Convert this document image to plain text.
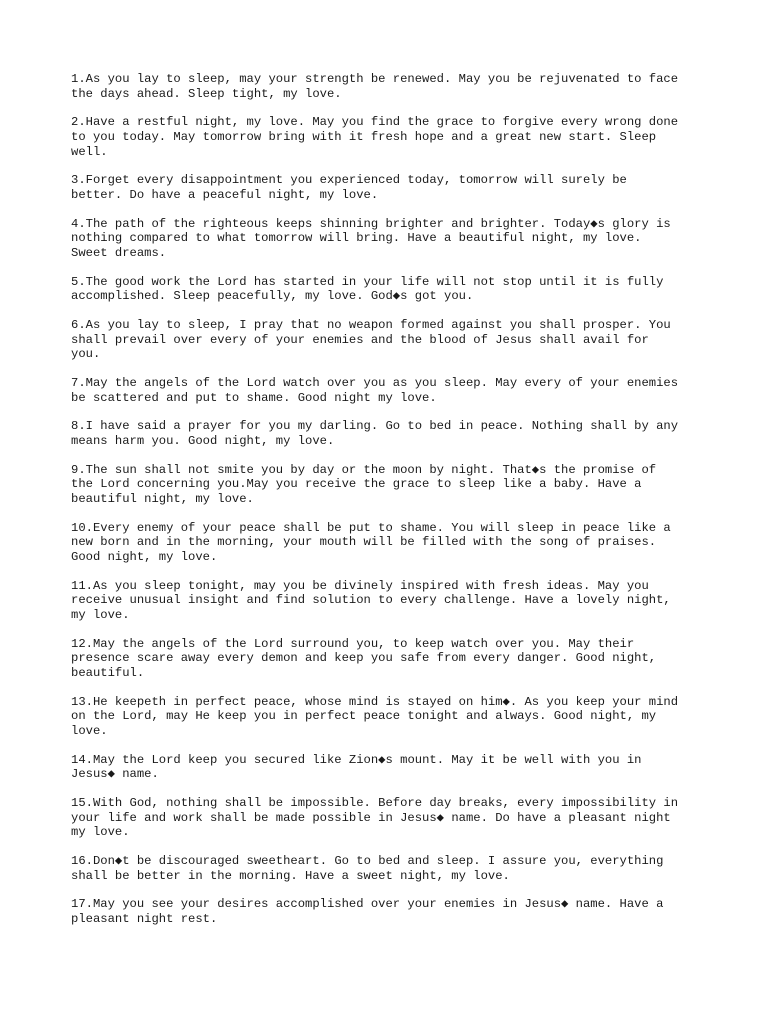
1.As you lay to sleep, may your strength be renewed. May you be rejuvenated to face
the days ahead. Sleep tight, my love.

2.Have a restful night, my love. May you find the grace to forgive every wrong done
to you today. May tomorrow bring with it fresh hope and a great new start. Sleep
well.

3.Forget every disappointment you experienced today, tomorrow will surely be
better. Do have a peaceful night, my love.

4.The path of the righteous keeps shinning brighter and brighter. Today◆s glory is
nothing compared to what tomorrow will bring. Have a beautiful night, my love.
Sweet dreams.

5.The good work the Lord has started in your life will not stop until it is fully
accomplished. Sleep peacefully, my love. God◆s got you.

6.As you lay to sleep, I pray that no weapon formed against you shall prosper. You
shall prevail over every of your enemies and the blood of Jesus shall avail for
you.

7.May the angels of the Lord watch over you as you sleep. May every of your enemies
be scattered and put to shame. Good night my love.

8.I have said a prayer for you my darling. Go to bed in peace. Nothing shall by any
means harm you. Good night, my love.

9.The sun shall not smite you by day or the moon by night. That◆s the promise of
the Lord concerning you.May you receive the grace to sleep like a baby. Have a
beautiful night, my love.

10.Every enemy of your peace shall be put to shame. You will sleep in peace like a
new born and in the morning, your mouth will be filled with the song of praises.
Good night, my love.

11.As you sleep tonight, may you be divinely inspired with fresh ideas. May you
receive unusual insight and find solution to every challenge. Have a lovely night,
my love.

12.May the angels of the Lord surround you, to keep watch over you. May their
presence scare away every demon and keep you safe from every danger. Good night,
beautiful.

13.He keepeth in perfect peace, whose mind is stayed on him◆. As you keep your mind
on the Lord, may He keep you in perfect peace tonight and always. Good night, my
love.

14.May the Lord keep you secured like Zion◆s mount. May it be well with you in
Jesus◆ name.

15.With God, nothing shall be impossible. Before day breaks, every impossibility in
your life and work shall be made possible in Jesus◆ name. Do have a pleasant night
my love.

16.Don◆t be discouraged sweetheart. Go to bed and sleep. I assure you, everything
shall be better in the morning. Have a sweet night, my love.

17.May you see your desires accomplished over your enemies in Jesus◆ name. Have a
pleasant night rest.
